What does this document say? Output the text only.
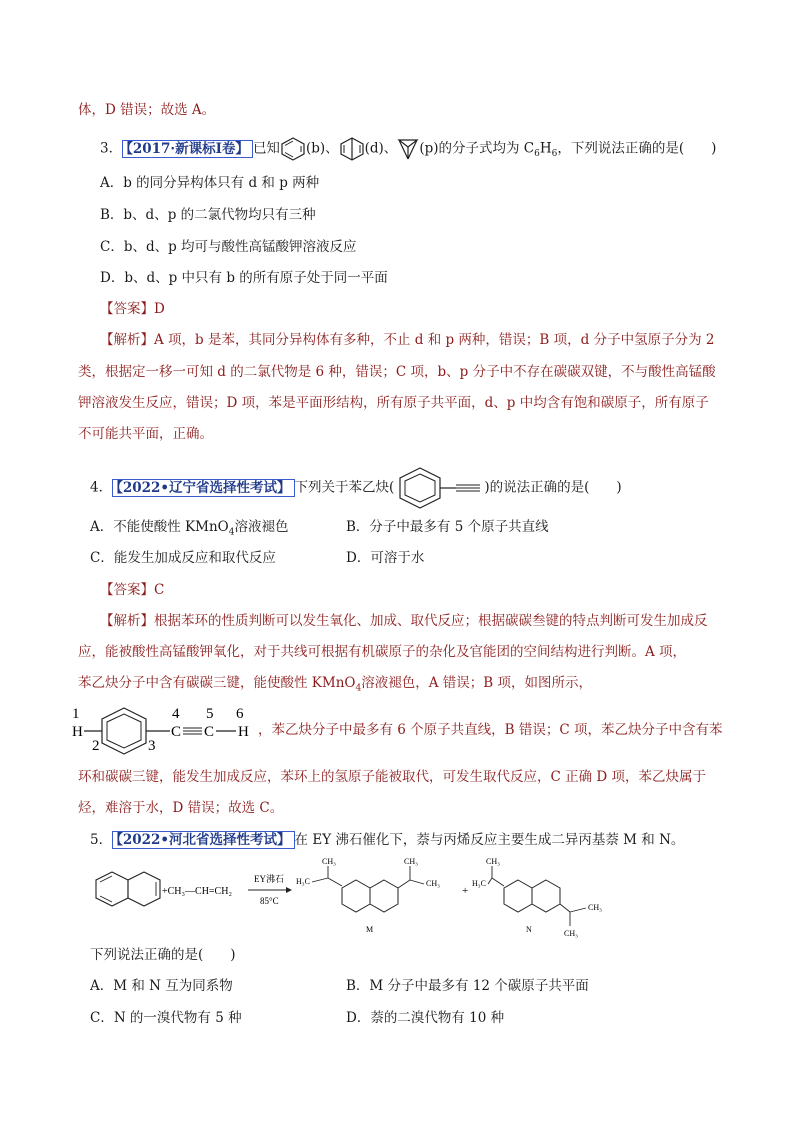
体，D 错误；故选 A。
3． 【2017·新课标Ⅰ卷】 已知 (b)、 (d)、 (p)的分子式均为 $C_6H_6$，下列说法正确的是(　　)
A．b 的同分异构体只有 d 和 p 两种
B．b、d、p 的二氯代物均只有三种
C．b、d、p 均可与酸性高锰酸钾溶液反应
D．b、d、p 中只有 b 的所有原子处于同一平面
【答案】D
【解析】A 项，b 是苯，其同分异构体有多种，不止 d 和 p 两种，错误；B 项，d 分子中氢原子分为 2
类，根据定一移一可知 d 的二氯代物是 6 种，错误；C 项，b、p 分子中不存在碳碳双键，不与酸性高锰酸
钾溶液发生反应，错误；D 项，苯是平面形结构，所有原子共平面，d、p 中均含有饱和碳原子，所有原子
不可能共平面，正确。
4． 【2022•辽宁省选择性考试】 下列关于苯乙炔(	)的说法正确的是(　　)
A．不能使酸性 KMnO$_4$溶液褪色	B．分子中最多有 5 个原子共直线
C．能发生加成反应和取代反应	D．可溶于水
【答案】C
【解析】根据苯环的性质判断可以发生氧化、加成、取代反应；根据碳碳叁键的特点判断可发生加成反
应，能被酸性高锰酸钾氧化，对于共线可根据有机碳原子的杂化及官能团的空间结构进行判断。A 项，
苯乙炔分子中含有碳碳三键，能使酸性 KMnO$_4$溶液褪色，A 错误；B 项，如图所示，
1
H
2	3
4
C C
5 6
H ，苯乙炔分子中最多有 6 个原子共直线，B 错误；C 项，苯乙炔分子中含有苯
环和碳碳三键，能发生加成反应，苯环上的氢原子能被取代，可发生取代反应，C 正确 D 项，苯乙炔属于
烃，难溶于水，D 错误；故选 C。
5． 【2022•河北省选择性考试】 在 EY 沸石催化下，萘与丙烯反应主要生成二异丙基萘 M 和 N。
+CH₃—CH=CH₂
EY沸石
85°C
CH₃
H₃C
CH₃
CH₃
M
+
CH₃
H₃C
CH₃
CH₃
N
下列说法正确的是(　　)
A．M 和 N 互为同系物	B．M 分子中最多有 12 个碳原子共平面
C．N 的一溴代物有 5 种	D．萘的二溴代物有 10 种
